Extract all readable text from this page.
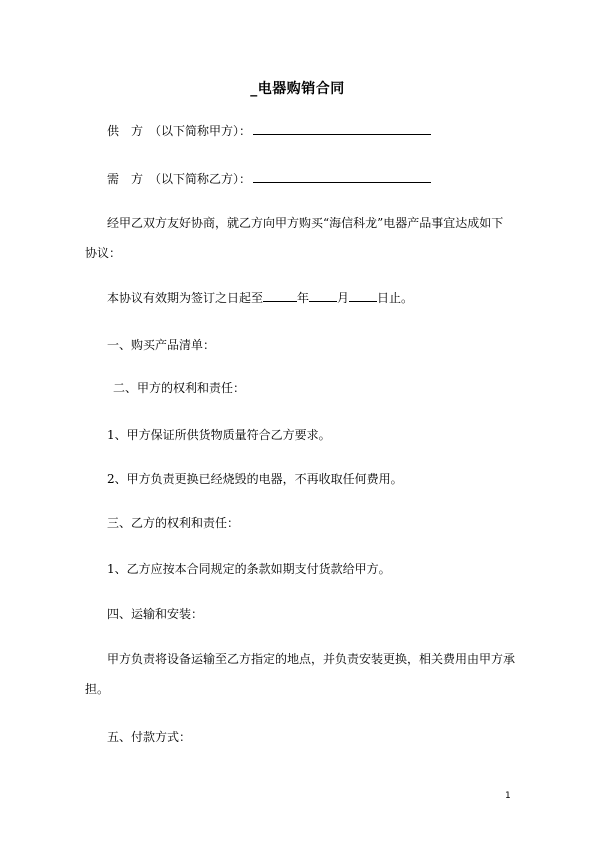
_电器购销合同
供　方　（以下简称甲方）：
需　方　（以下简称乙方）：
经甲乙双方友好协商，就乙方向甲方购买“海信科龙”电器产品事宜达成如下协议：
本协议有效期为签订之日起至	年 月 日止。
一、购买产品清单：
二、甲方的权利和责任：
1、甲方保证所供货物质量符合乙方要求。
2、甲方负责更换已经烧毁的电器，不再收取任何费用。
三、乙方的权利和责任：
1、乙方应按本合同规定的条款如期支付货款给甲方。
四、运输和安装：
甲方负责将设备运输至乙方指定的地点，并负责安装更换，相关费用由甲方承担。
五、付款方式：
1
